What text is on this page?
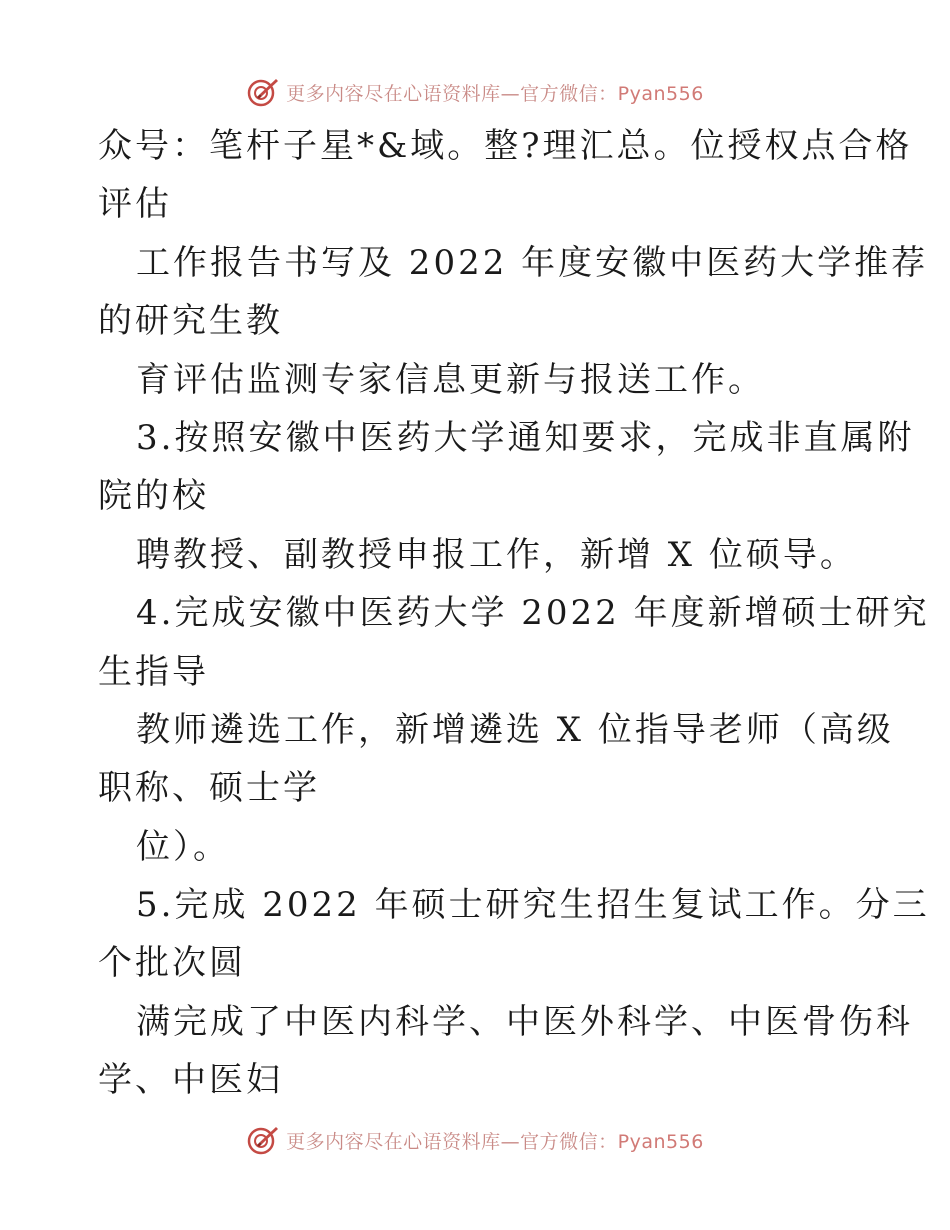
更多内容尽在心语资料库—官方微信：Pyan556
众号：笔杆子星*&域。整?理汇总。位授权点合格
评估
工作报告书写及 2022 年度安徽中医药大学推荐
的研究生教
育评估监测专家信息更新与报送工作。
3.按照安徽中医药大学通知要求，完成非直属附
院的校
聘教授、副教授申报工作，新增 X 位硕导。
4.完成安徽中医药大学 2022 年度新增硕士研究
生指导
教师遴选工作，新增遴选 X 位指导老师（高级
职称、硕士学
位）。
5.完成 2022 年硕士研究生招生复试工作。分三
个批次圆
满完成了中医内科学、中医外科学、中医骨伤科
学、中医妇
更多内容尽在心语资料库—官方微信：Pyan556
